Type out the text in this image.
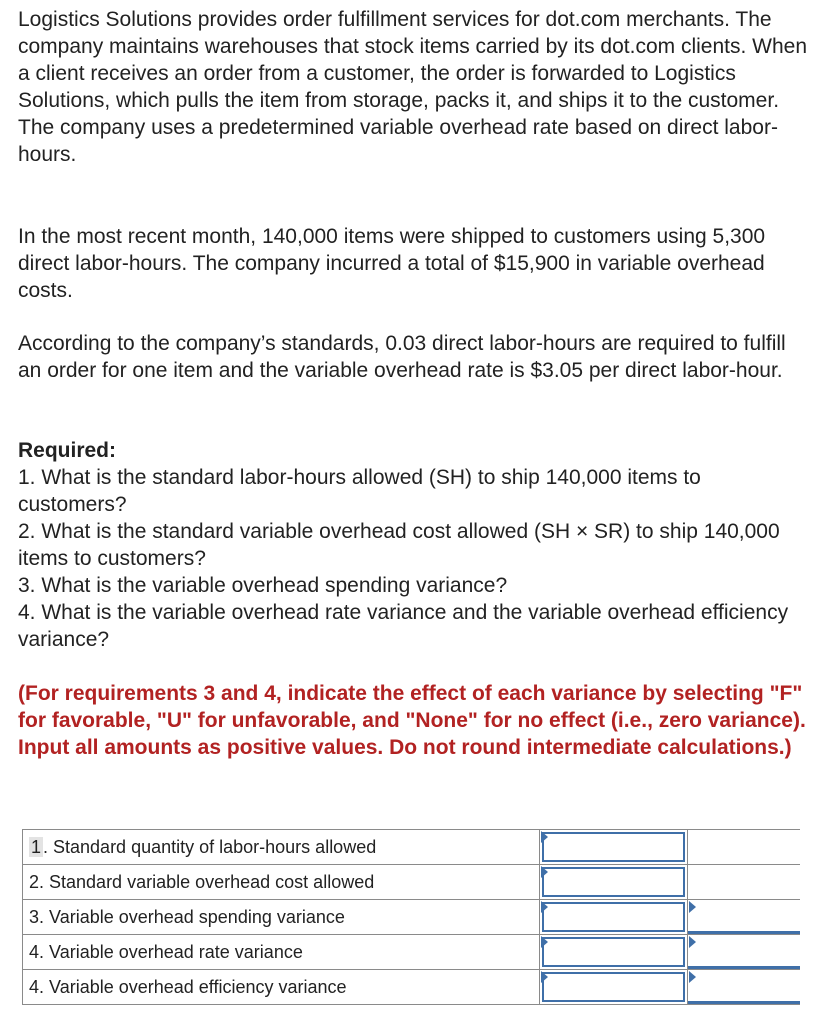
Logistics Solutions provides order fulfillment services for dot.com merchants. The company maintains warehouses that stock items carried by its dot.com clients. When a client receives an order from a customer, the order is forwarded to Logistics Solutions, which pulls the item from storage, packs it, and ships it to the customer. The company uses a predetermined variable overhead rate based on direct labor-hours.

In the most recent month, 140,000 items were shipped to customers using 5,300 direct labor-hours. The company incurred a total of $15,900 in variable overhead costs.

According to the company’s standards, 0.03 direct labor-hours are required to fulfill an order for one item and the variable overhead rate is $3.05 per direct labor-hour.

Required:
1. What is the standard labor-hours allowed (SH) to ship 140,000 items to customers?
2. What is the standard variable overhead cost allowed (SH × SR) to ship 140,000 items to customers?
3. What is the variable overhead spending variance?
4. What is the variable overhead rate variance and the variable overhead efficiency variance?

(For requirements 3 and 4, indicate the effect of each variance by selecting "F" for favorable, "U" for unfavorable, and "None" for no effect (i.e., zero variance). Input all amounts as positive values. Do not round intermediate calculations.)

1 . Standard quantity of labor-hours allowed	

2. Standard variable overhead cost allowed	

3. Variable overhead spending variance	

4. Variable overhead rate variance	

4. Variable overhead efficiency variance	
